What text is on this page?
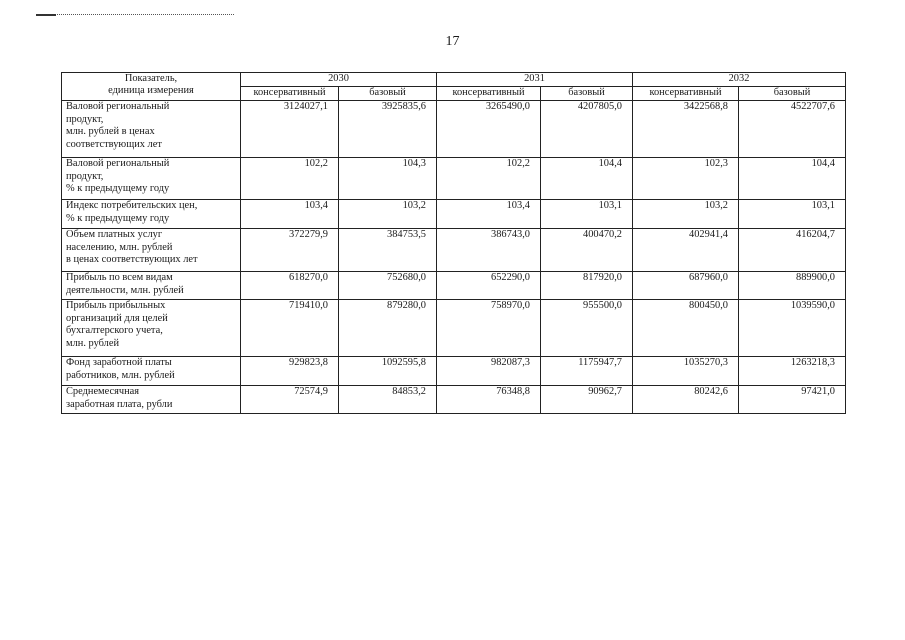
17
Показатель,
единица измерения	2030		2031		2032	
	консервативный	базовый	консервативный	базовый	консервативный	базовый

Валовой региональный
продукт,
млн. рублей в ценах
соответствующих лет	3124027,1	3925835,6	3265490,0	4207805,0	3422568,8	4522707,6

Валовой региональный
продукт,
% к предыдущему году	102,2	104,3	102,2	104,4	102,3	104,4

Индекс потребительских цен,
% к предыдущему году	103,4	103,2	103,4	103,1	103,2	103,1

Объем платных услуг
населению, млн. рублей
в ценах соответствующих лет	372279,9	384753,5	386743,0	400470,2	402941,4	416204,7

Прибыль по всем видам
деятельности, млн. рублей	618270,0	752680,0	652290,0	817920,0	687960,0	889900,0

Прибыль прибыльных
организаций для целей
бухгалтерского учета,
млн. рублей	719410,0	879280,0	758970,0	955500,0	800450,0	1039590,0

Фонд заработной платы
работников, млн. рублей	929823,8	1092595,8	982087,3	1175947,7	1035270,3	1263218,3

Среднемесячная
заработная плата, рубли	72574,9	84853,2	76348,8	90962,7	80242,6	97421,0
